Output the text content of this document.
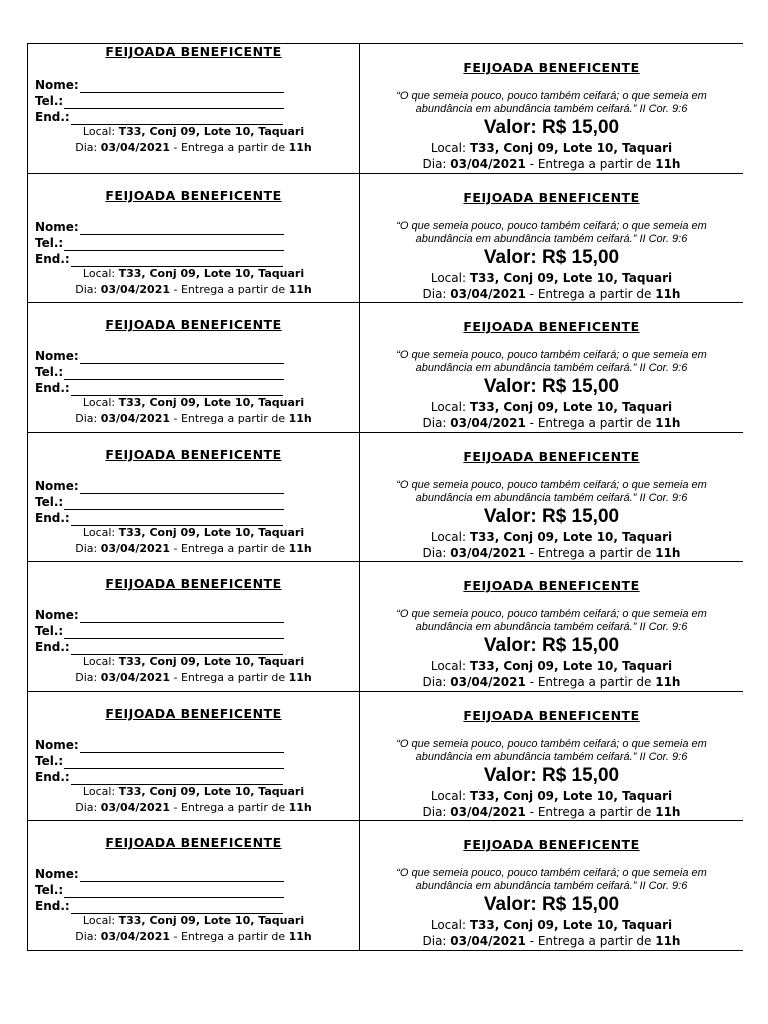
FEIJOADA BENEFICENTE
Nome:
Tel.:
End.:
Local: T33, Conj 09, Lote 10, Taquari
Dia: 03/04/2021 - Entrega a partir de 11h
FEIJOADA BENEFICENTE
“O que semeia pouco, pouco também ceifará; o que semeia em abundância em abundância também ceifará.” II Cor. 9:6
Valor: R$ 15,00
Local: T33, Conj 09, Lote 10, Taquari
Dia: 03/04/2021 - Entrega a partir de 11h
FEIJOADA BENEFICENTE
Nome:
Tel.:
End.:
Local: T33, Conj 09, Lote 10, Taquari
Dia: 03/04/2021 - Entrega a partir de 11h
FEIJOADA BENEFICENTE
“O que semeia pouco, pouco também ceifará; o que semeia em abundância em abundância também ceifará.” II Cor. 9:6
Valor: R$ 15,00
Local: T33, Conj 09, Lote 10, Taquari
Dia: 03/04/2021 - Entrega a partir de 11h
FEIJOADA BENEFICENTE
Nome:
Tel.:
End.:
Local: T33, Conj 09, Lote 10, Taquari
Dia: 03/04/2021 - Entrega a partir de 11h
FEIJOADA BENEFICENTE
“O que semeia pouco, pouco também ceifará; o que semeia em abundância em abundância também ceifará.” II Cor. 9:6
Valor: R$ 15,00
Local: T33, Conj 09, Lote 10, Taquari
Dia: 03/04/2021 - Entrega a partir de 11h
FEIJOADA BENEFICENTE
Nome:
Tel.:
End.:
Local: T33, Conj 09, Lote 10, Taquari
Dia: 03/04/2021 - Entrega a partir de 11h
FEIJOADA BENEFICENTE
“O que semeia pouco, pouco também ceifará; o que semeia em abundância em abundância também ceifará.” II Cor. 9:6
Valor: R$ 15,00
Local: T33, Conj 09, Lote 10, Taquari
Dia: 03/04/2021 - Entrega a partir de 11h
FEIJOADA BENEFICENTE
Nome:
Tel.:
End.:
Local: T33, Conj 09, Lote 10, Taquari
Dia: 03/04/2021 - Entrega a partir de 11h
FEIJOADA BENEFICENTE
“O que semeia pouco, pouco também ceifará; o que semeia em abundância em abundância também ceifará.” II Cor. 9:6
Valor: R$ 15,00
Local: T33, Conj 09, Lote 10, Taquari
Dia: 03/04/2021 - Entrega a partir de 11h
FEIJOADA BENEFICENTE
Nome:
Tel.:
End.:
Local: T33, Conj 09, Lote 10, Taquari
Dia: 03/04/2021 - Entrega a partir de 11h
FEIJOADA BENEFICENTE
“O que semeia pouco, pouco também ceifará; o que semeia em abundância em abundância também ceifará.” II Cor. 9:6
Valor: R$ 15,00
Local: T33, Conj 09, Lote 10, Taquari
Dia: 03/04/2021 - Entrega a partir de 11h
FEIJOADA BENEFICENTE
Nome:
Tel.:
End.:
Local: T33, Conj 09, Lote 10, Taquari
Dia: 03/04/2021 - Entrega a partir de 11h
FEIJOADA BENEFICENTE
“O que semeia pouco, pouco também ceifará; o que semeia em abundância em abundância também ceifará.” II Cor. 9:6
Valor: R$ 15,00
Local: T33, Conj 09, Lote 10, Taquari
Dia: 03/04/2021 - Entrega a partir de 11h
